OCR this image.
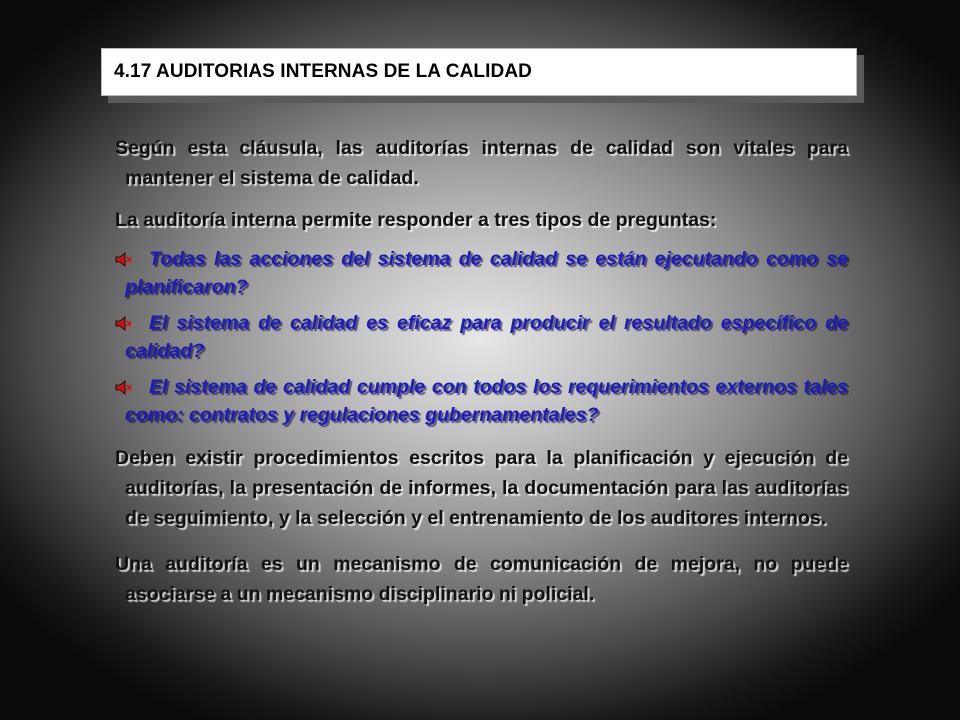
4.17 AUDITORIAS INTERNAS DE LA CALIDAD

Según esta cláusula, las auditorías internas de calidad son vitales para mantener el sistema de calidad.

La auditoría interna permite responder a tres tipos de preguntas:

Todas las acciones del sistema de calidad se están ejecutando como se planificaron?
El sistema de calidad es eficaz para producir el resultado específico de calidad?
El sistema de calidad cumple con todos los requerimientos externos tales como: contratos y regulaciones gubernamentales?

Deben existir procedimientos escritos para la planificación y ejecución de auditorías, la presentación de informes, la documentación para las auditorías de seguimiento, y la selección y el entrenamiento de los auditores internos.

Una auditoría es un mecanismo de comunicación de mejora, no puede asociarse a un mecanismo disciplinario ni policial.
